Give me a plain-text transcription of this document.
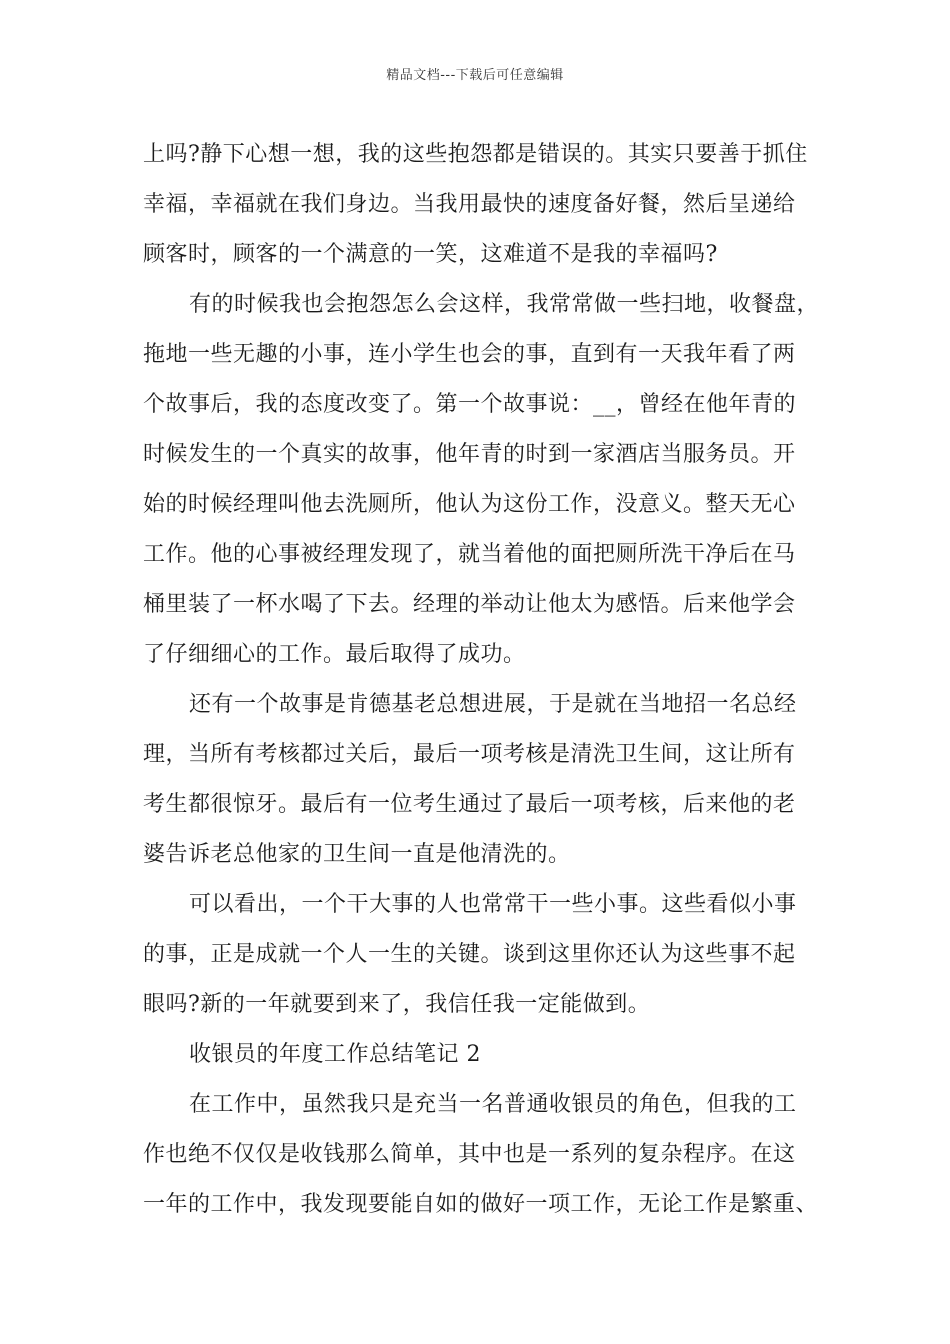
精品文档---下载后可任意编辑
上吗?静下心想一想，我的这些抱怨都是错误的。其实只要善于抓住
幸福，幸福就在我们身边。当我用最快的速度备好餐，然后呈递给
顾客时，顾客的一个满意的一笑，这难道不是我的幸福吗?
有的时候我也会抱怨怎么会这样，我常常做一些扫地，收餐盘，
拖地一些无趣的小事，连小学生也会的事，直到有一天我年看了两
个故事后，我的态度改变了。第一个故事说：__，曾经在他年青的
时候发生的一个真实的故事，他年青的时到一家酒店当服务员。开
始的时候经理叫他去洗厕所，他认为这份工作，没意义。整天无心
工作。他的心事被经理发现了，就当着他的面把厕所洗干净后在马
桶里装了一杯水喝了下去。经理的举动让他太为感悟。后来他学会
了仔细细心的工作。最后取得了成功。
还有一个故事是肯德基老总想进展，于是就在当地招一名总经
理，当所有考核都过关后，最后一项考核是清洗卫生间，这让所有
考生都很惊牙。最后有一位考生通过了最后一项考核，后来他的老
婆告诉老总他家的卫生间一直是他清洗的。
可以看出，一个干大事的人也常常干一些小事。这些看似小事
的事，正是成就一个人一生的关键。谈到这里你还认为这些事不起
眼吗?新的一年就要到来了，我信任我一定能做到。
收银员的年度工作总结笔记 2
在工作中，虽然我只是充当一名普通收银员的角色，但我的工
作也绝不仅仅是收钱那么简单，其中也是一系列的复杂程序。在这
一年的工作中，我发现要能自如的做好一项工作，无论工作是繁重、
